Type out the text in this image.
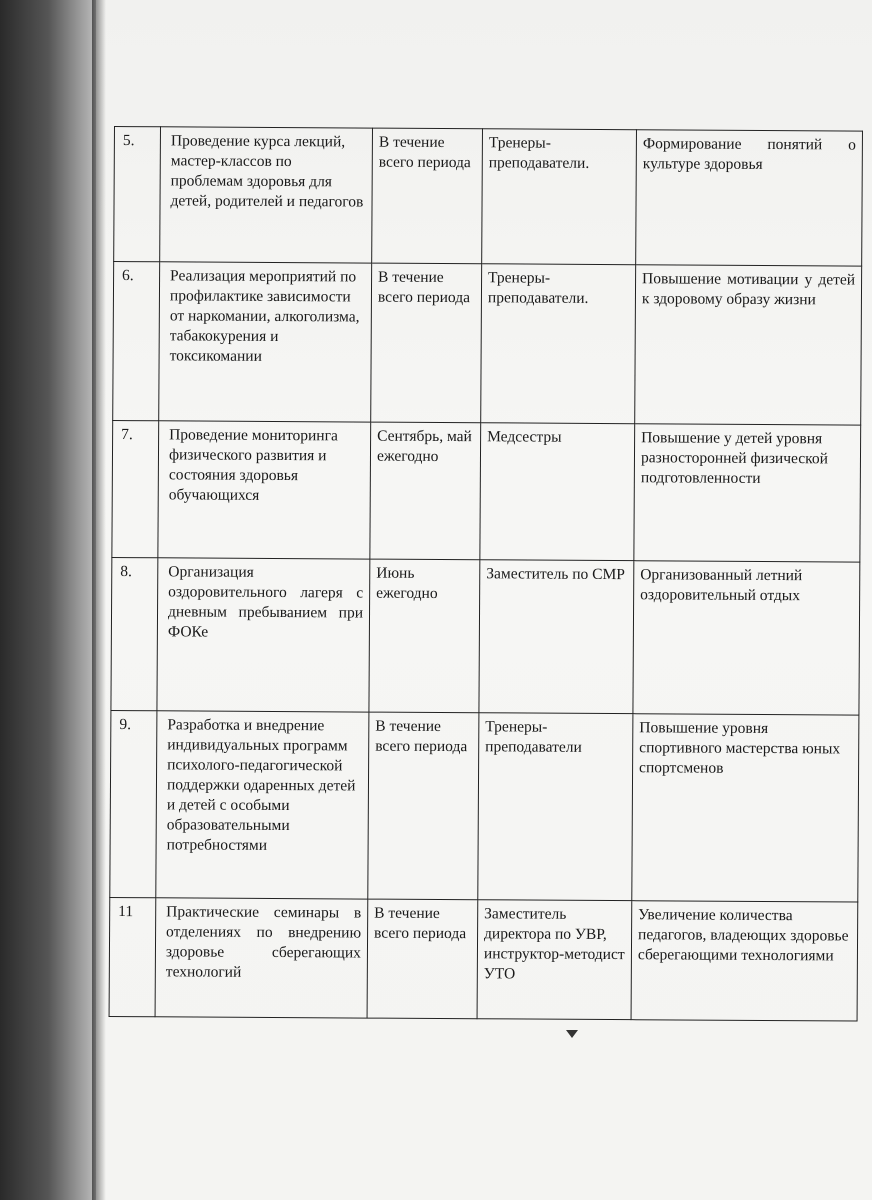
5.	Проведение курса лекций, мастер-классов по проблемам здоровья для детей, родителей и педагогов	В течение всего периода	Тренеры-преподаватели.	Формирование понятий о культуре здоровья
6.	Реализация мероприятий по профилактике зависимости от наркомании, алкоголизма, табакокурения и токсикомании	В течение всего периода	Тренеры-преподаватели.	Повышение мотивации у детей к здоровому образу жизни
7.	Проведение мониторинга физического развития и состояния здоровья обучающихся	Сентябрь, май ежегодно	Медсестры	Повышение у детей уровня разносторонней физической подготовленности
8.	Организация оздоровительного лагеря с дневным пребыванием при ФОКе	Июнь ежегодно	Заместитель по СМР	Организованный летний оздоровительный отдых
9.	Разработка и внедрение индивидуальных программ психолого-педагогической поддержки одаренных детей и детей с особыми образовательными потребностями	В течение всего периода	Тренеры-преподаватели	Повышение уровня спортивного мастерства юных спортсменов
11	Практические семинары в отделениях по внедрению здоровье сберегающих технологий	В течение всего периода	Заместитель директора по УВР, инструктор-методист УТО	Увеличение количества педагогов, владеющих здоровье сберегающими технологиями
